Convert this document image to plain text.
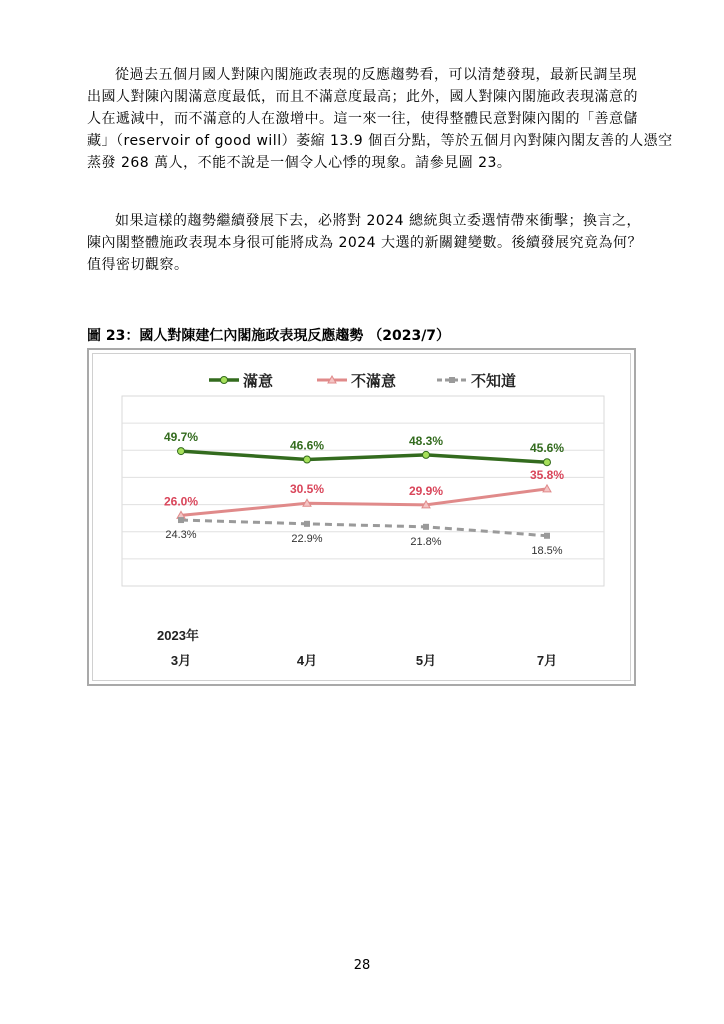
從過去五個月國人對陳內閣施政表現的反應趨勢看，可以清楚發現，最新民調呈現
出國人對陳內閣滿意度最低，而且不滿意度最高；此外，國人對陳內閣施政表現滿意的
人在遞減中，而不滿意的人在激增中。這一來一往，使得整體民意對陳內閣的「善意儲
藏」（reservoir of good will）萎縮 13.9 個百分點，等於五個月內對陳內閣友善的人憑空
蒸發 268 萬人，不能不說是一個令人心悸的現象。請參見圖 23。
如果這樣的趨勢繼續發展下去，必將對 2024 總統與立委選情帶來衝擊；換言之，
陳內閣整體施政表現本身很可能將成為 2024 大選的新關鍵變數。後續發展究竟為何？
值得密切觀察。
圖 23：國人對陳建仁內閣施政表現反應趨勢 （2023/7）
49.7%
46.6%	48.3%
45.6%
26.0%
30.5%	29.9%
35.8%
24.3%	22.9%	21.8%
18.5%
滿意	不滿意	不知道
2023年
3月	4月	5月	7月
28
